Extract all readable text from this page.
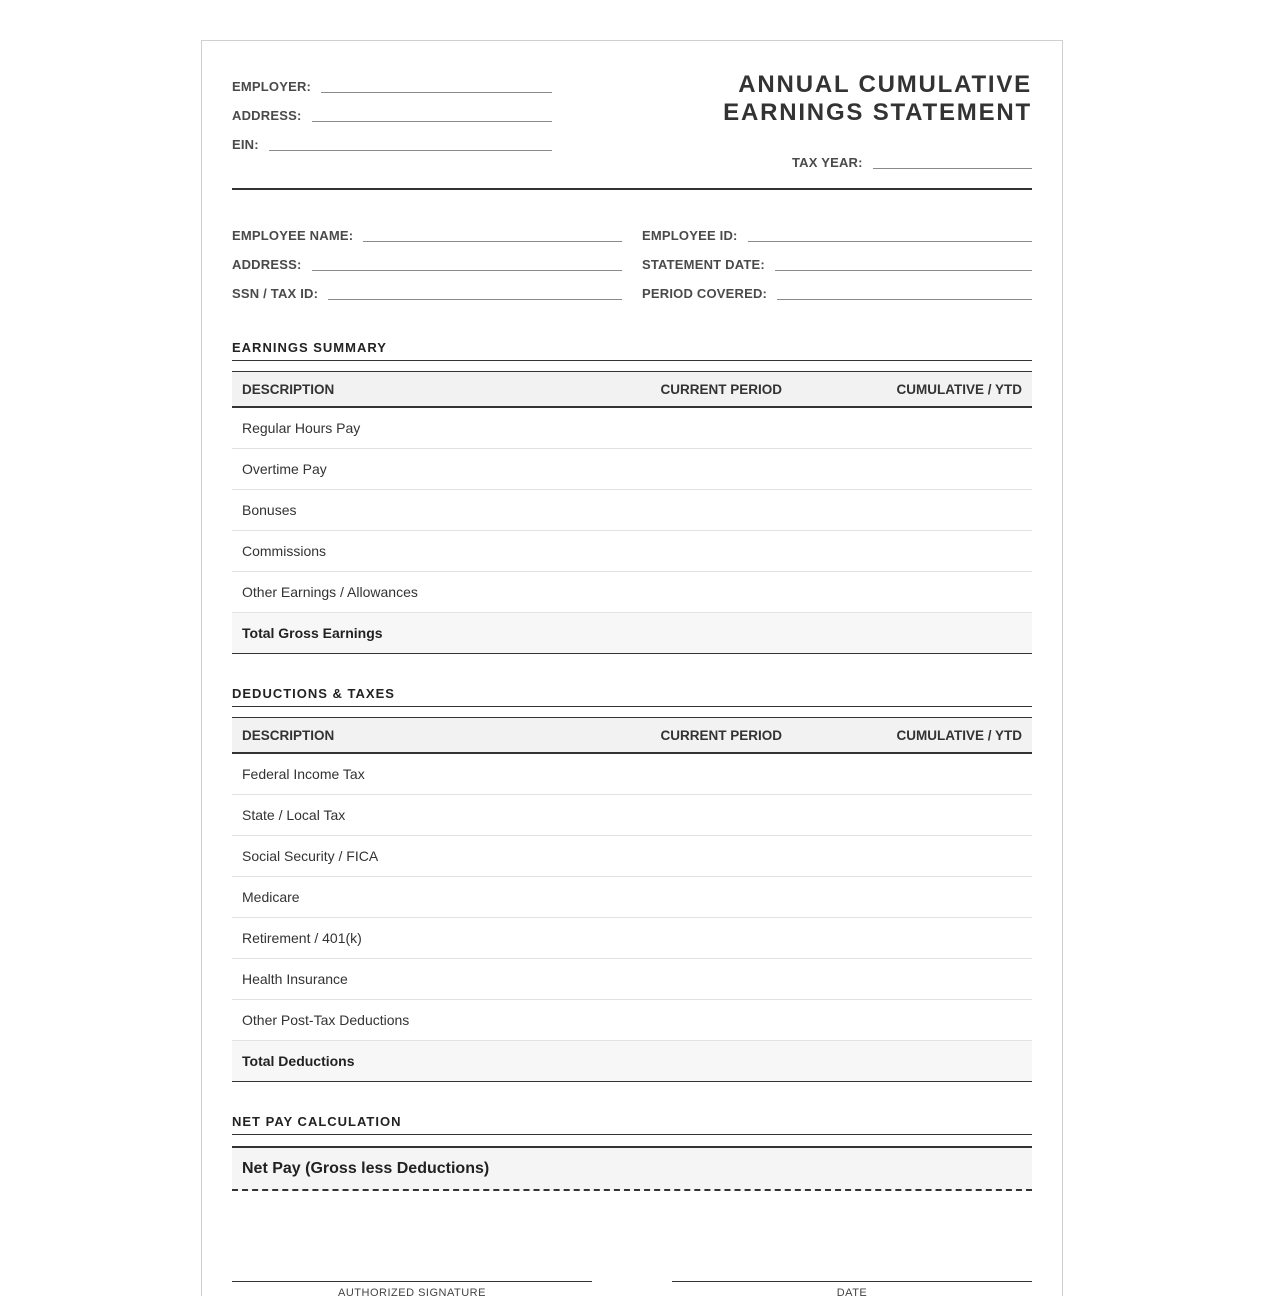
EMPLOYER:
ADDRESS:
EIN:
ANNUAL CUMULATIVE
EARNINGS STATEMENT
TAX YEAR:
EMPLOYEE NAME:
ADDRESS:
SSN / TAX ID:
EMPLOYEE ID:
STATEMENT DATE:
PERIOD COVERED:
EARNINGS SUMMARY
DESCRIPTION	CURRENT PERIOD	CUMULATIVE / YTD
Regular Hours Pay
Overtime Pay
Bonuses
Commissions
Other Earnings / Allowances
Total Gross Earnings
DEDUCTIONS & TAXES
DESCRIPTION	CURRENT PERIOD	CUMULATIVE / YTD
Federal Income Tax
State / Local Tax
Social Security / FICA
Medicare
Retirement / 401(k)
Health Insurance
Other Post-Tax Deductions
Total Deductions
NET PAY CALCULATION
Net Pay (Gross less Deductions)
AUTHORIZED SIGNATURE	DATE
